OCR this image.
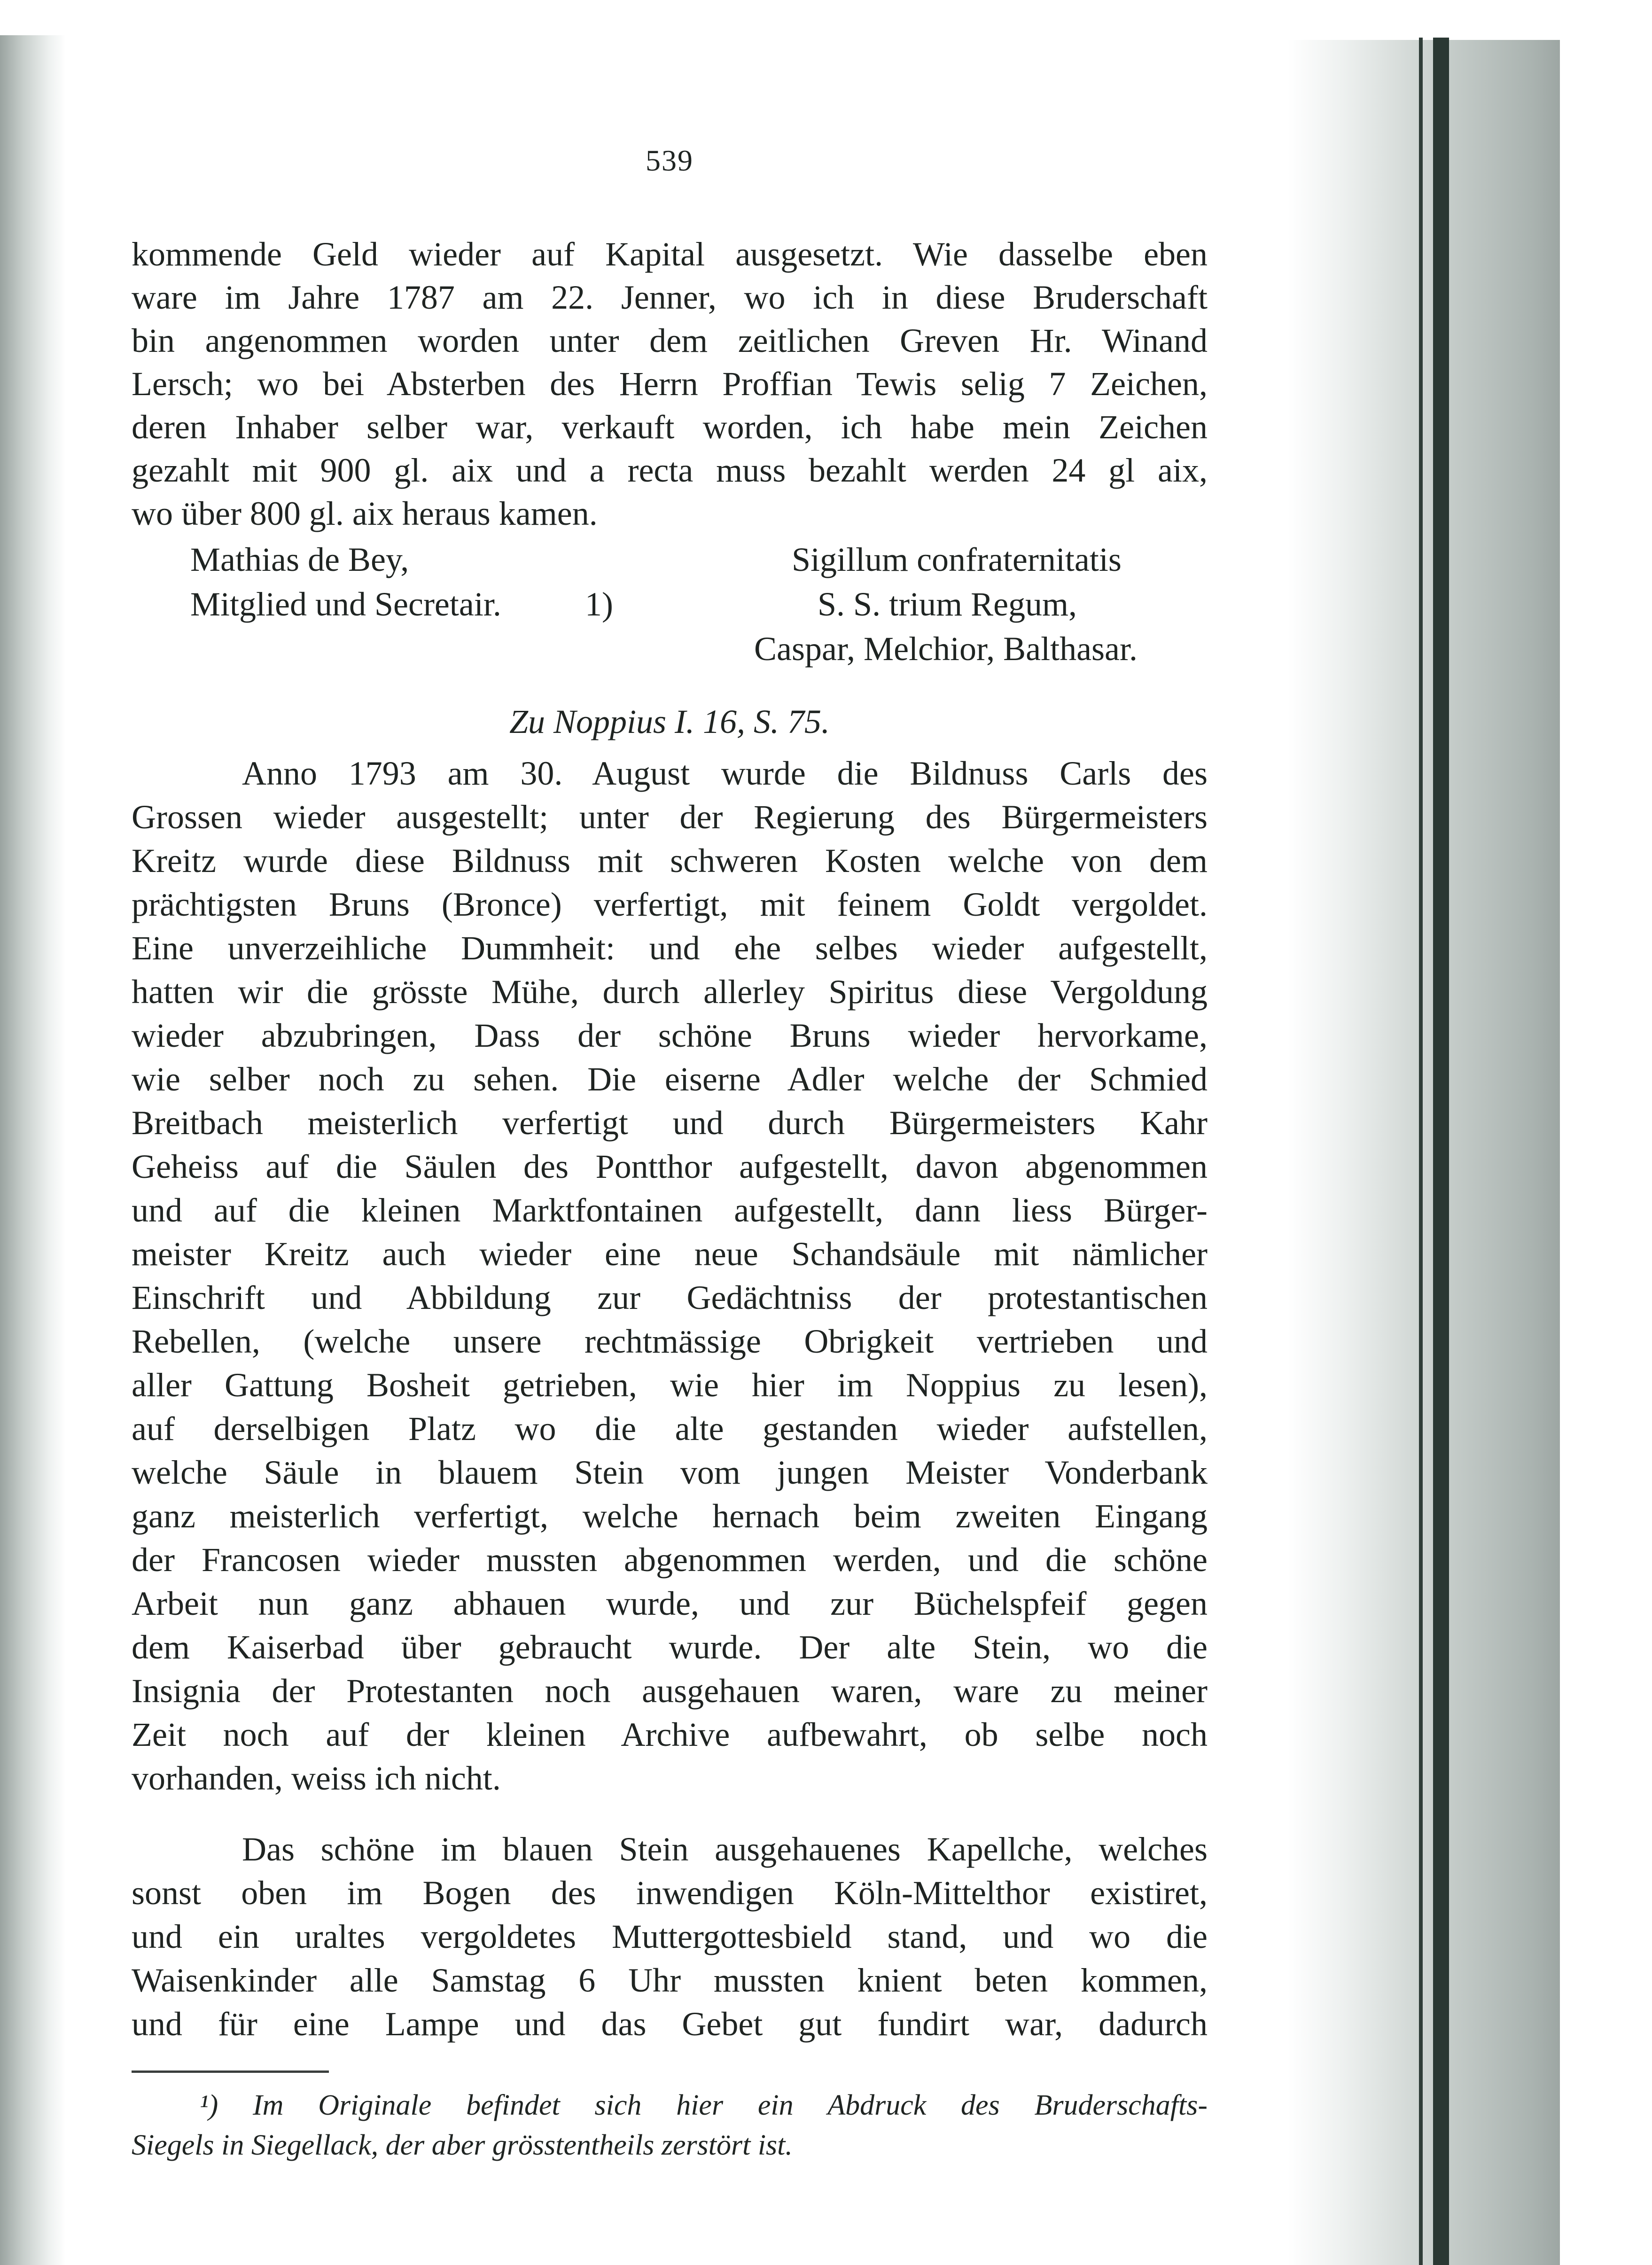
539
kommende Geld wieder auf Kapital ausgesetzt. Wie dasselbe eben
ware im Jahre 1787 am 22. Jenner, wo ich in diese Bruderschaft
bin angenommen worden unter dem zeitlichen Greven Hr. Winand
Lersch; wo bei Absterben des Herrn Proffian Tewis selig 7 Zeichen,
deren Inhaber selber war, verkauft worden, ich habe mein Zeichen
gezahlt mit 900 gl. aix und a recta muss bezahlt werden 24 gl aix,
wo über 800 gl. aix heraus kamen.
Mathias de Bey,
Mitglied und Secretair. 1)
Sigillum confraternitatis
S. S. trium Regum,
Caspar, Melchior, Balthasar.
Zu Noppius I. 16, S. 75.
Anno 1793 am 30. August wurde die Bildnuss Carls des
Grossen wieder ausgestellt; unter der Regierung des Bürgermeisters
Kreitz wurde diese Bildnuss mit schweren Kosten welche von dem
prächtigsten Bruns (Bronce) verfertigt, mit feinem Goldt vergoldet.
Eine unverzeihliche Dummheit: und ehe selbes wieder aufgestellt,
hatten wir die grösste Mühe, durch allerley Spiritus diese Vergoldung
wieder abzubringen, Dass der schöne Bruns wieder hervorkame,
wie selber noch zu sehen. Die eiserne Adler welche der Schmied
Breitbach meisterlich verfertigt und durch Bürgermeisters Kahr
Geheiss auf die Säulen des Pontthor aufgestellt, davon abgenommen
und auf die kleinen Marktfontainen aufgestellt, dann liess Bürger-
meister Kreitz auch wieder eine neue Schandsäule mit nämlicher
Einschrift und Abbildung zur Gedächtniss der protestantischen
Rebellen, (welche unsere rechtmässige Obrigkeit vertrieben und
aller Gattung Bosheit getrieben, wie hier im Noppius zu lesen),
auf derselbigen Platz wo die alte gestanden wieder aufstellen,
welche Säule in blauem Stein vom jungen Meister Vonderbank
ganz meisterlich verfertigt, welche hernach beim zweiten Eingang
der Francosen wieder mussten abgenommen werden, und die schöne
Arbeit nun ganz abhauen wurde, und zur Büchelspfeif gegen
dem Kaiserbad über gebraucht wurde. Der alte Stein, wo die
Insignia der Protestanten noch ausgehauen waren, ware zu meiner
Zeit noch auf der kleinen Archive aufbewahrt, ob selbe noch
vorhanden, weiss ich nicht.
Das schöne im blauen Stein ausgehauenes Kapellche, welches
sonst oben im Bogen des inwendigen Köln-Mittelthor existiret,
und ein uraltes vergoldetes Muttergottesbield stand, und wo die
Waisenkinder alle Samstag 6 Uhr mussten knient beten kommen,
und für eine Lampe und das Gebet gut fundirt war, dadurch
¹) Im Originale befindet sich hier ein Abdruck des Bruderschafts-
Siegels in Siegellack, der aber grösstentheils zerstört ist.
